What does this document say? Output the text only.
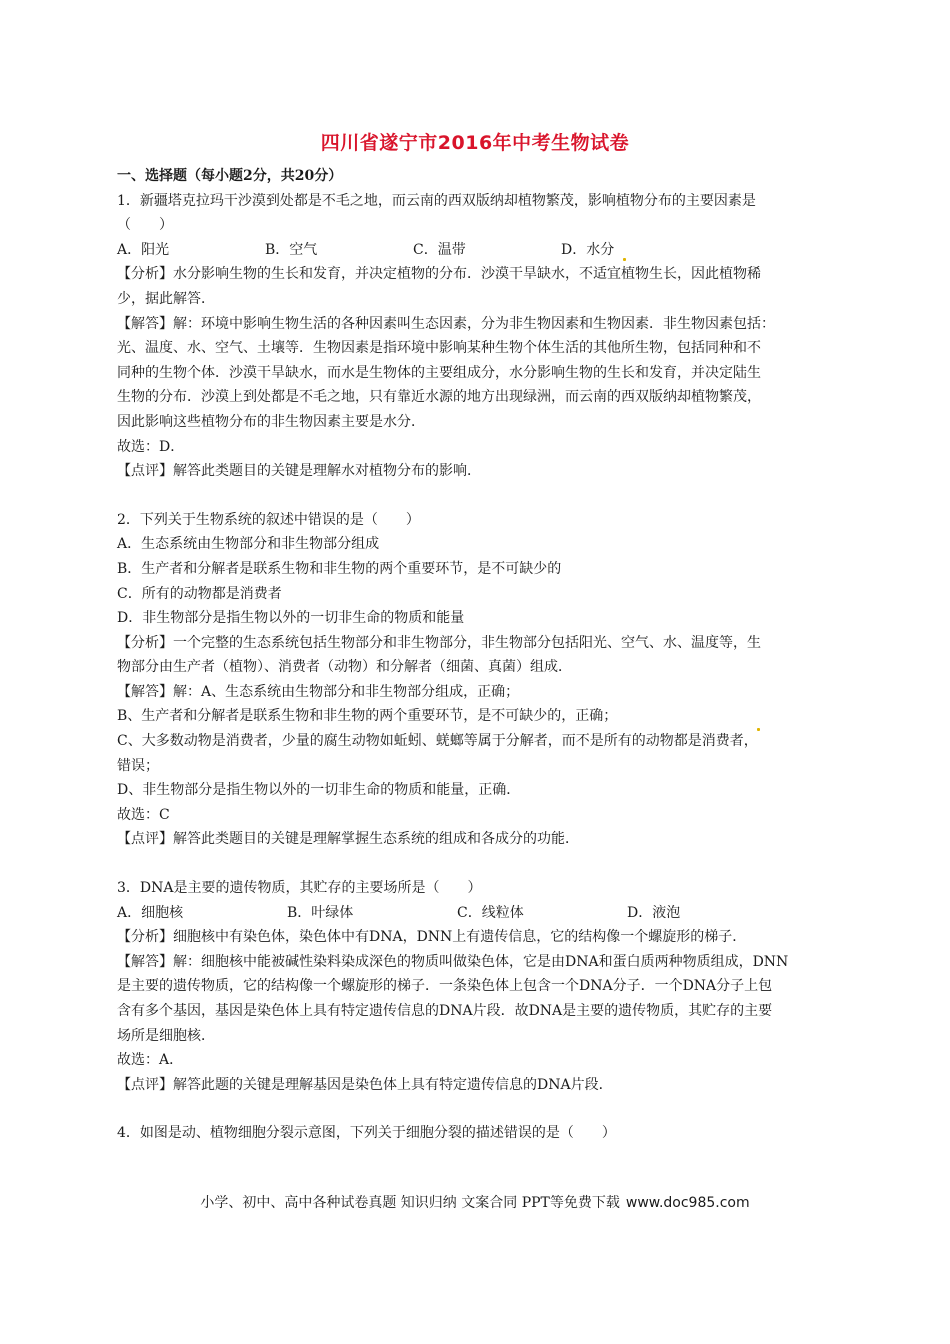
四川省遂宁市2016年中考生物试卷

一、选择题（每小题2分，共20分）

1．新疆塔克拉玛干沙漠到处都是不毛之地，而云南的西双版纳却植物繁茂，影响植物分布的主要因素是

（　　）

A．阳光	B．空气	C．温带	D．水分

【分析】水分影响生物的生长和发育，并决定植物的分布．沙漠干旱缺水，不适宜植物生长，因此植物稀

少，据此解答．

【解答】解：环境中影响生物生活的各种因素叫生态因素，分为非生物因素和生物因素．非生物因素包括：

光、温度、水、空气、土壤等．生物因素是指环境中影响某种生物个体生活的其他所生物，包括同种和不

同种的生物个体．沙漠干旱缺水，而水是生物体的主要组成分，水分影响生物的生长和发育，并决定陆生

生物的分布．沙漠上到处都是不毛之地，只有靠近水源的地方出现绿洲，而云南的西双版纳却植物繁茂，

因此影响这些植物分布的非生物因素主要是水分．

故选：D．

【点评】解答此类题目的关键是理解水对植物分布的影响．

2．下列关于生物系统的叙述中错误的是（　　）

A．生态系统由生物部分和非生物部分组成

B．生产者和分解者是联系生物和非生物的两个重要环节，是不可缺少的

C．所有的动物都是消费者

D．非生物部分是指生物以外的一切非生命的物质和能量

【分析】一个完整的生态系统包括生物部分和非生物部分，非生物部分包括阳光、空气、水、温度等，生

物部分由生产者（植物）、消费者（动物）和分解者（细菌、真菌）组成．

【解答】解：A、生态系统由生物部分和非生物部分组成，正确；

B、生产者和分解者是联系生物和非生物的两个重要环节，是不可缺少的，正确；

C、大多数动物是消费者，少量的腐生动物如蚯蚓、蜣螂等属于分解者，而不是所有的动物都是消费者，

错误；

D、非生物部分是指生物以外的一切非生命的物质和能量，正确．

故选：C

【点评】解答此类题目的关键是理解掌握生态系统的组成和各成分的功能．

3．DNA是主要的遗传物质，其贮存的主要场所是（　　）

A．细胞核	B．叶绿体	C．线粒体	D．液泡

【分析】细胞核中有染色体，染色体中有DNA，DNN上有遗传信息，它的结构像一个螺旋形的梯子．

【解答】解：细胞核中能被碱性染料染成深色的物质叫做染色体，它是由DNA和蛋白质两种物质组成，DNN

是主要的遗传物质，它的结构像一个螺旋形的梯子．一条染色体上包含一个DNA分子．一个DNA分子上包

含有多个基因，基因是染色体上具有特定遗传信息的DNA片段．故DNA是主要的遗传物质，其贮存的主要

场所是细胞核．

故选：A．

【点评】解答此题的关键是理解基因是染色体上具有特定遗传信息的DNA片段．

4．如图是动、植物细胞分裂示意图，下列关于细胞分裂的描述错误的是（　　）

小学、初中、高中各种试卷真题 知识归纳 文案合同 PPT等免费下载 www.doc985.com
